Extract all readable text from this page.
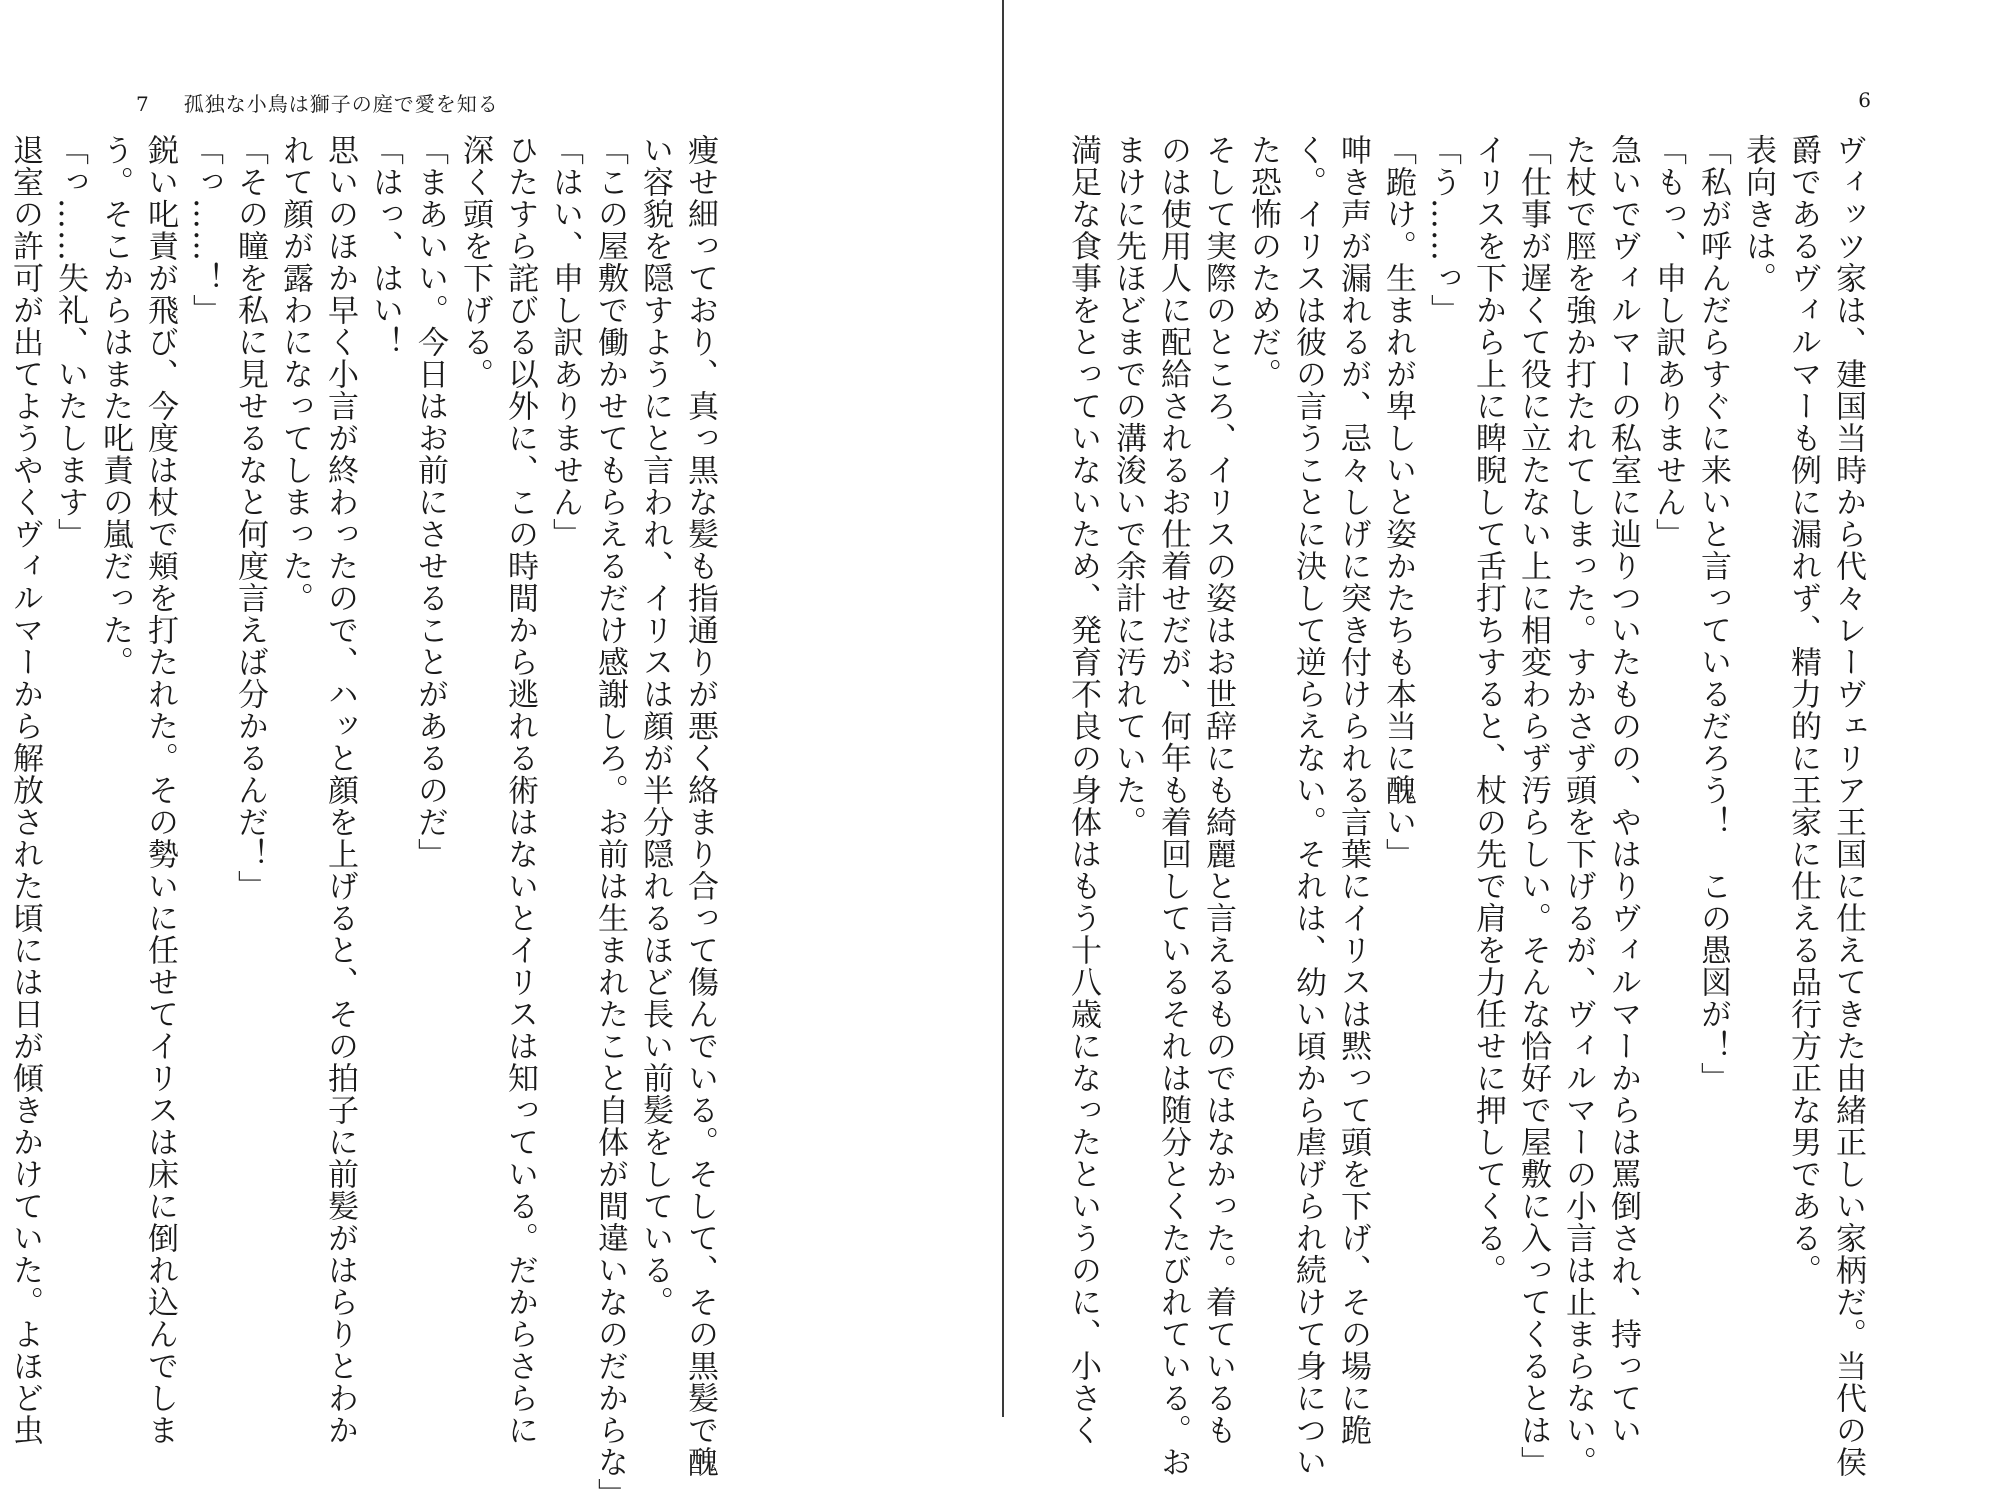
7 孤独な小鳥は獅子の庭で愛を知る

痩せ細っており、真っ黒な髪も指通りが悪く絡まり合って傷んでいる。そして、その黒髪で醜

い容貌を隠すようにと言われ、イリスは顔が半分隠れるほど長い前髪をしている。

「この屋敷で働かせてもらえるだけ感謝しろ。お前は生まれたこと自体が間違いなのだからな」

「はい、申し訳ありません」

ひたすら詫びる以外に、この時間から逃れる術はないとイリスは知っている。だからさらに

深く頭を下げる。

「まあいい。今日はお前にさせることがあるのだ」

「はっ、はい！

思いのほか早く小言が終わったので、ハッと顔を上げると、その拍子に前髪がはらりとわか

れて顔が露わになってしまった。

「その瞳を私に見せるなと何度言えば分かるんだ！」

「っ……！」

鋭い叱責が飛び、今度は杖で頬を打たれた。その勢いに任せてイリスは床に倒れ込んでしま

う。そこからはまた叱責の嵐だった。

「っ……失礼、いたします」

退室の許可が出てようやくヴィルマーから解放された頃には日が傾きかけていた。よほど虫

6

ヴィッツ家は、建国当時から代々レーヴェリア王国に仕えてきた由緒正しい家柄だ。当代の侯

爵であるヴィルマーも例に漏れず、精力的に王家に仕える品行方正な男である。

表向きは。

「私が呼んだらすぐに来いと言っているだろう！　この愚図が！」

「もっ、申し訳ありません」

急いでヴィルマーの私室に辿りついたものの、やはりヴィルマーからは罵倒され、持ってい

た杖で脛を強か打たれてしまった。すかさず頭を下げるが、ヴィルマーの小言は止まらない。

「仕事が遅くて役に立たない上に相変わらず汚らしい。そんな恰好で屋敷に入ってくるとは」

イリスを下から上に睥睨して舌打ちすると、杖の先で肩を力任せに押してくる。

「う……っ」

「跪け。生まれが卑しいと姿かたちも本当に醜い」

呻き声が漏れるが、忌々しげに突き付けられる言葉にイリスは黙って頭を下げ、その場に跪

く。イリスは彼の言うことに決して逆らえない。それは、幼い頃から虐げられ続けて身につい

た恐怖のためだ。

そして実際のところ、イリスの姿はお世辞にも綺麗と言えるものではなかった。着ているも

のは使用人に配給されるお仕着せだが、何年も着回しているそれは随分とくたびれている。お

まけに先ほどまでの溝浚いで余計に汚れていた。

満足な食事をとっていないため、発育不良の身体はもう十八歳になったというのに、小さく
